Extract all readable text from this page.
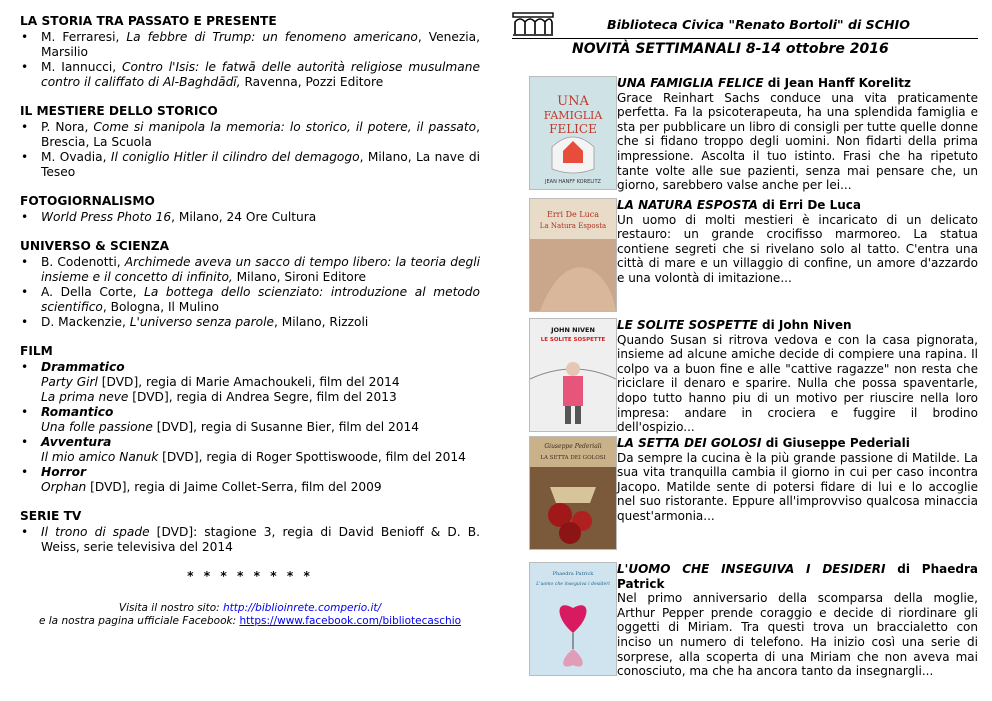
LA STORIA TRA PASSATO E PRESENTE
• M. Ferraresi, La febbre di Trump: un fenomeno americano, Venezia, Marsilio
• M. Iannucci, Contro l'Isis: le fatwā delle autorità religiose musulmane contro il califfato di Al-Baghdādī, Ravenna, Pozzi Editore
IL MESTIERE DELLO STORICO
• P. Nora, Come si manipola la memoria: lo storico, il potere, il passato, Brescia, La Scuola
• M. Ovadia, Il coniglio Hitler il cilindro del demagogo, Milano, La nave di Teseo
FOTOGIORNALISMO
• World Press Photo 16, Milano, 24 Ore Cultura
UNIVERSO & SCIENZA
• B. Codenotti, Archimede aveva un sacco di tempo libero: la teoria degli insieme e il concetto di infinito, Milano, Sironi Editore
• A. Della Corte, La bottega dello scienziato: introduzione al metodo scientifico, Bologna, Il Mulino
• D. Mackenzie, L'universo senza parole, Milano, Rizzoli
FILM
• Drammatico
Party Girl [DVD], regia di Marie Amachoukeli, film del 2014
La prima neve [DVD], regia di Andrea Segre, film del 2013
• Romantico
Una folle passione [DVD], regia di Susanne Bier, film del 2014
• Avventura
Il mio amico Nanuk [DVD], regia di Roger Spottiswoode, film del 2014
• Horror
Orphan [DVD], regia di Jaime Collet-Serra, film del 2009
SERIE TV
• Il trono di spade [DVD]: stagione 3, regia di David Benioff & D. B. Weiss, serie televisiva del 2014
* * * * * * * *
Visita il nostro sito: http://biblioinrete.comperio.it/
e la nostra pagina ufficiale Facebook: https://www.facebook.com/bibliotecaschio
Biblioteca Civica "Renato Bortoli" di SCHIO
NOVITÀ SETTIMANALI 8-14 ottobre 2016
UNA
FAMIGLIA
FELICE
JEAN HANFF KORELITZ
UNA FAMIGLIA FELICE di Jean Hanff Korelitz
Grace Reinhart Sachs conduce una vita praticamente perfetta. Fa la psicoterapeuta, ha una splendida famiglia e sta per pubblicare un libro di consigli per tutte quelle donne che si fidano troppo degli uomini. Non fidarti della prima impressione. Ascolta il tuo istinto. Frasi che ha ripetuto tante volte alle sue pazienti, senza mai pensare che, un giorno, sarebbero valse anche per lei...
Erri De Luca
La Natura Esposta
LA NATURA ESPOSTA di Erri De Luca
Un uomo di molti mestieri è incaricato di un delicato restauro: un grande crocifisso marmoreo. La statua contiene segreti che si rivelano solo al tatto. C'entra una città di mare e un villaggio di confine, un amore d'azzardo e una volontà di imitazione...
JOHN NIVEN
LE SOLITE SOSPETTE
LE SOLITE SOSPETTE di John Niven
Quando Susan si ritrova vedova e con la casa pignorata, insieme ad alcune amiche decide di compiere una rapina. Il colpo va a buon fine e alle "cattive ragazze" non resta che riciclare il denaro e sparire. Nulla che possa spaventarle, dopo tutto hanno piu di un motivo per riuscire nella loro impresa: andare in crociera e fuggire il brodino dell'ospizio...
Giuseppe Pederiali
LA SETTA DEI GOLOSI
LA SETTA DEI GOLOSI di Giuseppe Pederiali
Da sempre la cucina è la più grande passione di Matilde. La sua vita tranquilla cambia il giorno in cui per caso incontra Jacopo. Matilde sente di potersi fidare di lui e lo accoglie nel suo ristorante. Eppure all'improvviso qualcosa minaccia quest'armonia...
Phaedra Patrick
L'uomo che inseguiva i desideri
L'UOMO CHE INSEGUIVA I DESIDERI di Phaedra Patrick
Nel primo anniversario della scomparsa della moglie, Arthur Pepper prende coraggio e decide di riordinare gli oggetti di Miriam. Tra questi trova un braccialetto con inciso un numero di telefono. Ha inizio così una serie di sorprese, alla scoperta di una Miriam che non aveva mai conosciuto, ma che ha ancora tanto da insegnargli...
